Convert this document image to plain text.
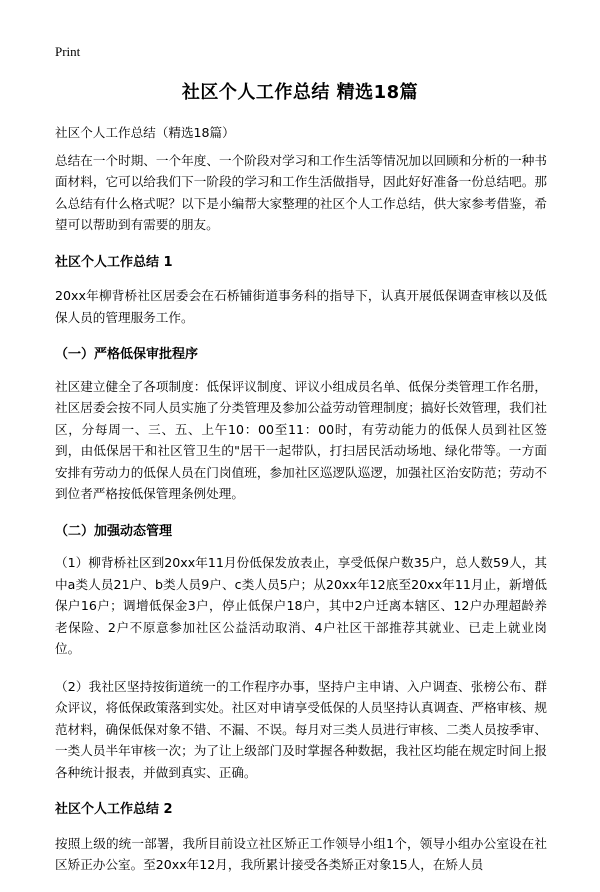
Print
社区个人工作总结 精选18篇

社区个人工作总结（精选18篇）

总结在一个时期、一个年度、一个阶段对学习和工作生活等情况加以回顾和分析的一种书面材料，它可以给我们下一阶段的学习和工作生活做指导，因此好好准备一份总结吧。那么总结有什么格式呢？以下是小编帮大家整理的社区个人工作总结，供大家参考借鉴，希望可以帮助到有需要的朋友。

社区个人工作总结 1

20xx年柳背桥社区居委会在石桥铺街道事务科的指导下，认真开展低保调查审核以及低保人员的管理服务工作。

（一）严格低保审批程序

社区建立健全了各项制度：低保评议制度、评议小组成员名单、低保分类管理工作名册，社区居委会按不同人员实施了分类管理及参加公益劳动管理制度；搞好长效管理，我们社区，分每周一、三、五、上午10：00至11：00时，有劳动能力的低保人员到社区签到，由低保居干和社区管卫生的"居干一起带队，打扫居民活动场地、绿化带等。一方面安排有劳动力的低保人员在门岗值班，参加社区巡逻队巡逻，加强社区治安防范；劳动不到位者严格按低保管理条例处理。

（二）加强动态管理

（1）柳背桥社区到20xx年11月份低保发放表止，享受低保户数35户，总人数59人，其中a类人员21户、b类人员9户、c类人员5户；从20xx年12底至20xx年11月止，新增低保户16户；调增低保金3户，停止低保户18户，其中2户迁离本辖区、12户办理超龄养老保险、2户不原意参加社区公益活动取消、4户社区干部推荐其就业、已走上就业岗位。

（2）我社区坚持按街道统一的工作程序办事，坚持户主申请、入户调查、张榜公布、群众评议，将低保政策落到实处。社区对申请享受低保的人员坚持认真调查、严格审核、规范材料，确保低保对象不错、不漏、不误。每月对三类人员进行审核、二类人员按季审、一类人员半年审核一次；为了让上级部门及时掌握各种数据，我社区均能在规定时间上报各种统计报表，并做到真实、正确。

社区个人工作总结 2

按照上级的统一部署，我所目前设立社区矫正工作领导小组1个，领导小组办公室设在社区矫正办公室。至20xx年12月，我所累计接受各类矫正对象15人，在矫人员
